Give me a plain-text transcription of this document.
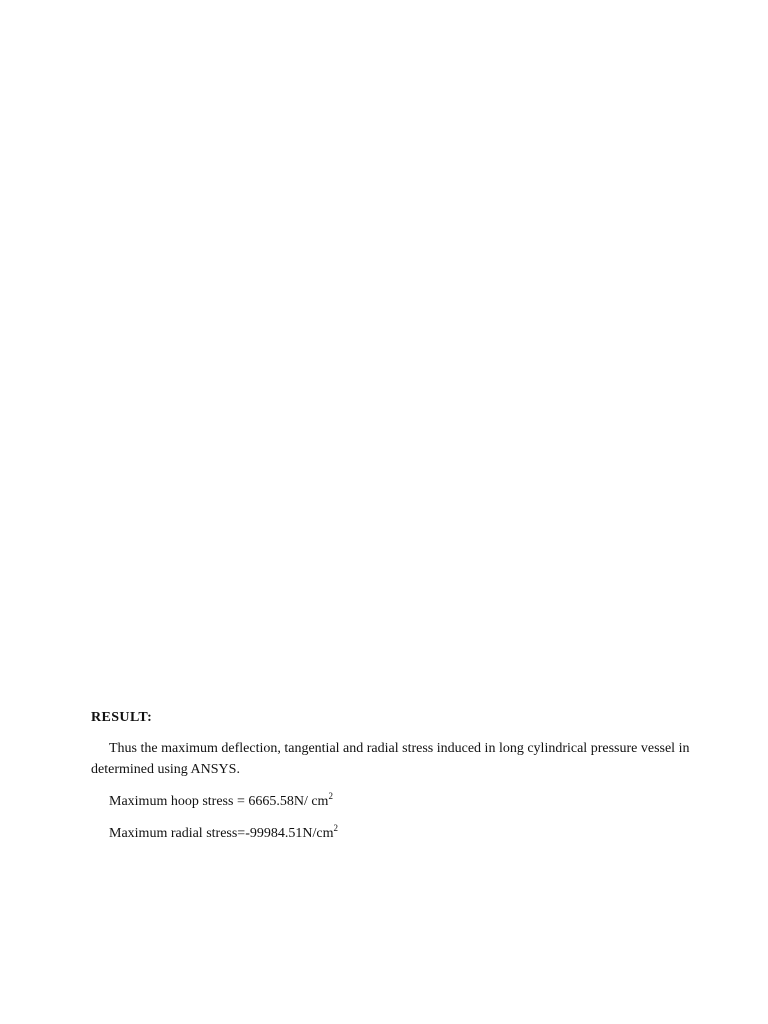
RESULT:

Thus the maximum deflection, tangential and radial stress induced in long cylindrical pressure vessel in determined using ANSYS.

Maximum hoop stress = 6665.58N/ $cm^2$

Maximum radial $stress=-99984.51N/cm^2$
